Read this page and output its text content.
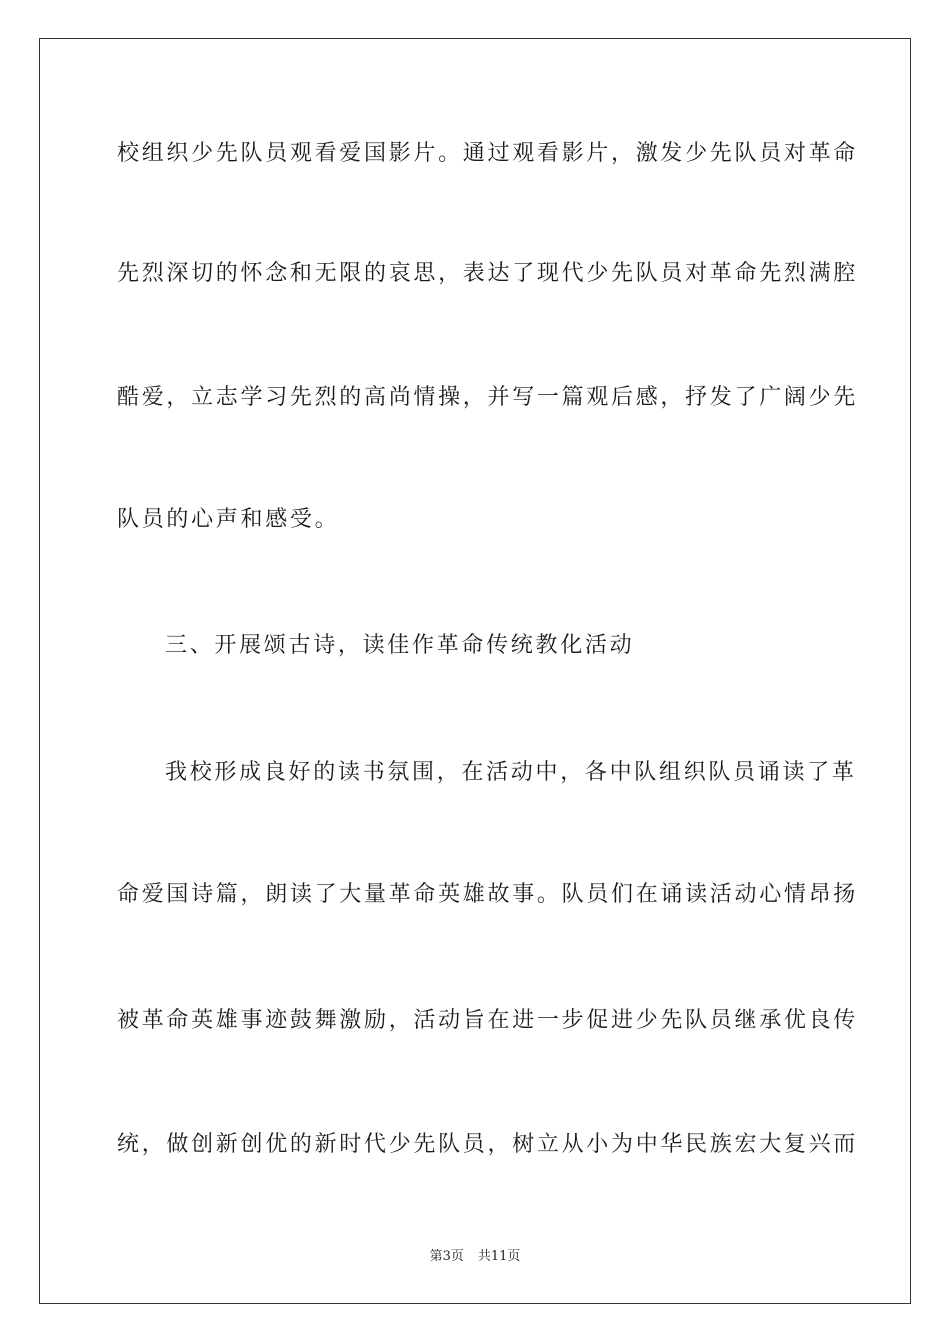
校组织少先队员观看爱国影片。通过观看影片，激发少先队员对革命
先烈深切的怀念和无限的哀思，表达了现代少先队员对革命先烈满腔
酷爱，立志学习先烈的高尚情操，并写一篇观后感，抒发了广阔少先
队员的心声和感受。
三、开展颂古诗，读佳作革命传统教化活动
我校形成良好的读书氛围，在活动中，各中队组织队员诵读了革
命爱国诗篇，朗读了大量革命英雄故事。队员们在诵读活动心情昂扬
被革命英雄事迹鼓舞激励，活动旨在进一步促进少先队员继承优良传
统，做创新创优的新时代少先队员，树立从小为中华民族宏大复兴而
第3页 共11页
